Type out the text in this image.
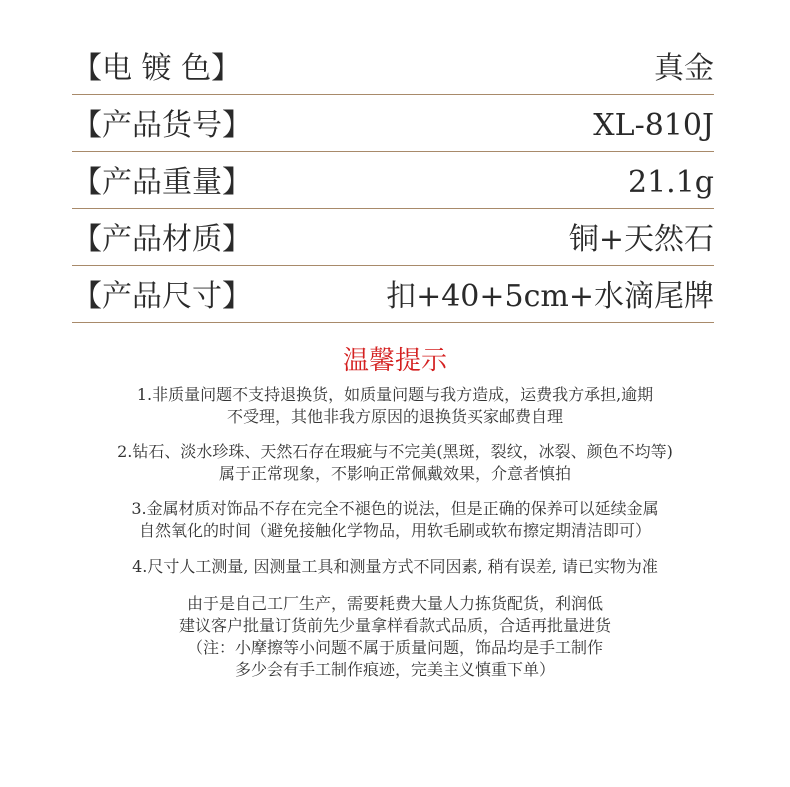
【电 镀 色】	真金
【产品货号】	XL-810J
【产品重量】	21.1g
【产品材质】	铜+天然石
【产品尺寸】	扣+40+5cm+水滴尾牌
温馨提示
1.非质量问题不支持退换货，如质量问题与我方造成，运费我方承担,逾期
不受理，其他非我方原因的退换货买家邮费自理
2.钻石、淡水珍珠、天然石存在瑕疵与不完美(黑斑，裂纹，冰裂、颜色不均等)
属于正常现象，不影响正常佩戴效果，介意者慎拍
3.金属材质对饰品不存在完全不褪色的说法，但是正确的保养可以延续金属
自然氧化的时间（避免接触化学物品，用软毛刷或软布擦定期清洁即可）
4.尺寸人工测量, 因测量工具和测量方式不同因素, 稍有误差, 请已实物为准
由于是自己工厂生产，需要耗费大量人力拣货配货，利润低
建议客户批量订货前先少量拿样看款式品质，合适再批量进货
（注：小摩擦等小问题不属于质量问题，饰品均是手工制作
多少会有手工制作痕迹，完美主义慎重下单）
